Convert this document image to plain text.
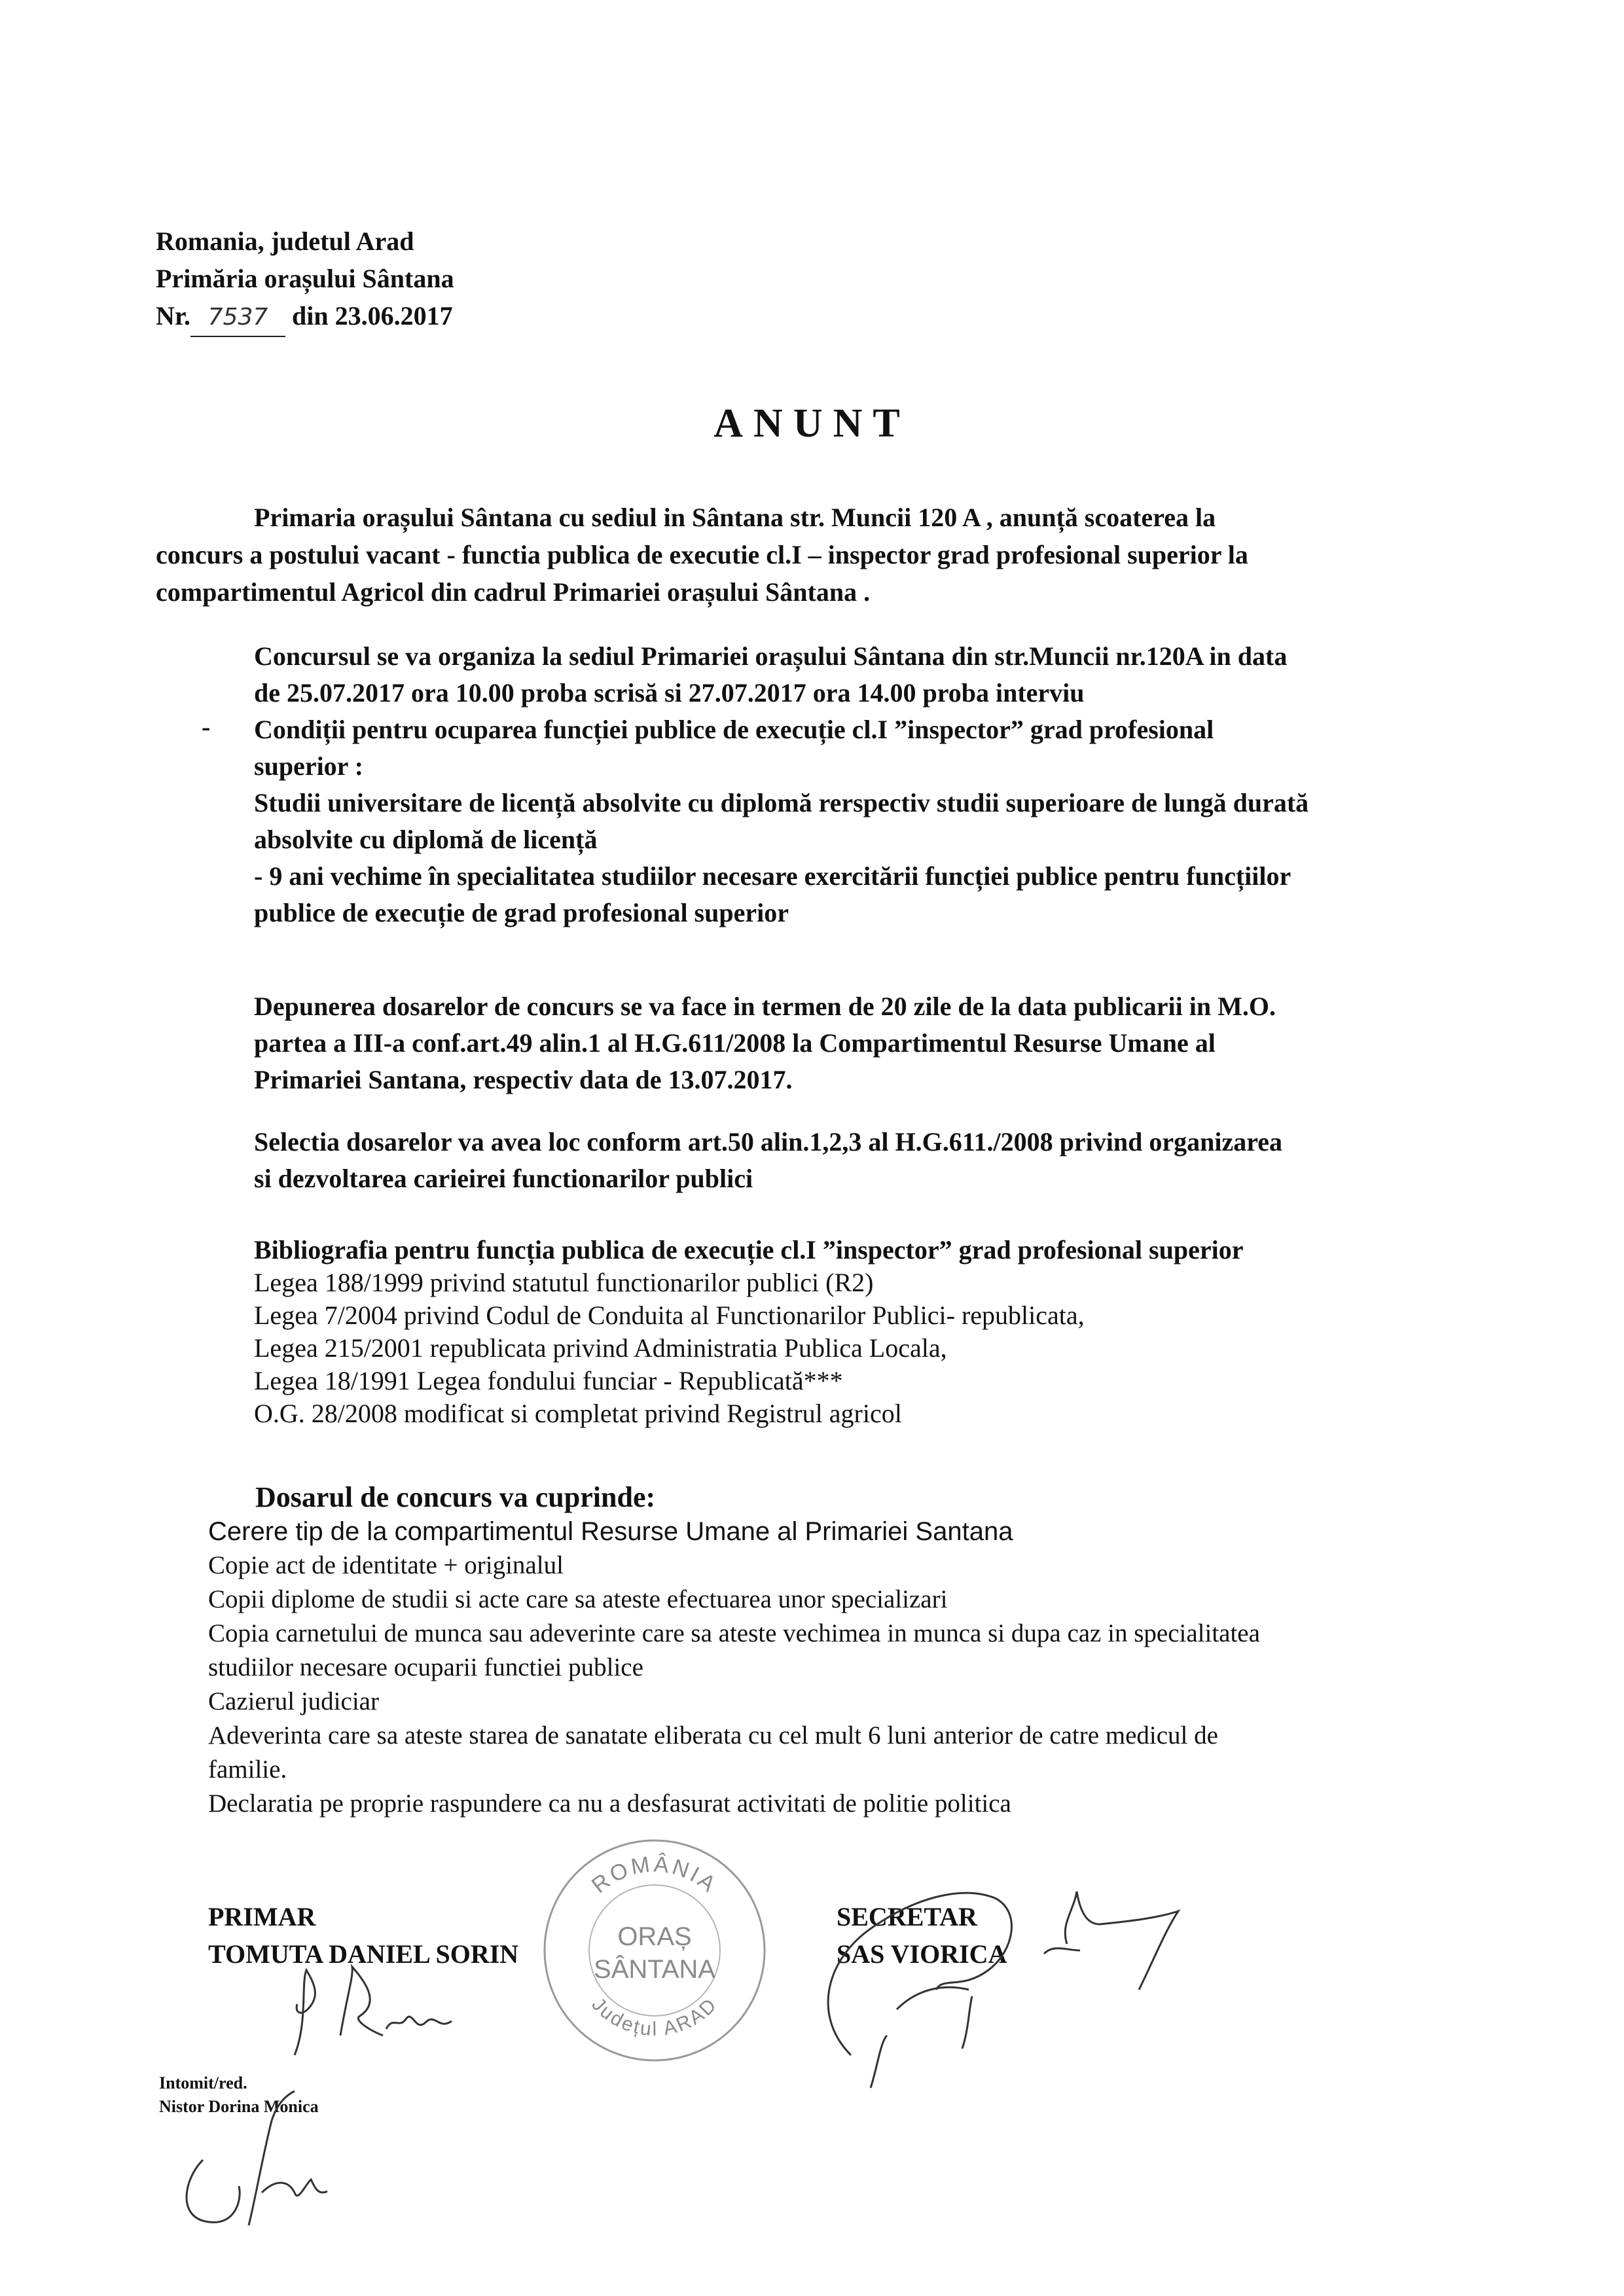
Romania, judetul Arad
Primăria orașului Sântana
Nr. 7537 din 23.06.2017
ANUNT
Primaria orașului Sântana cu sediul in Sântana str. Muncii 120 A , anunță scoaterea la
concurs a postului vacant - functia publica de executie cl.I – inspector grad profesional superior la
compartimentul Agricol din cadrul Primariei orașului Sântana .
Concursul se va organiza la sediul Primariei orașului Sântana din str.Muncii nr.120A in data
de 25.07.2017 ora 10.00 proba scrisă si 27.07.2017 ora 14.00 proba interviu
- Condiții pentru ocuparea funcției publice de execuție cl.I ”inspector” grad profesional
superior :
Studii universitare de licență absolvite cu diplomă rerspectiv studii superioare de lungă durată
absolvite cu diplomă de licență
- 9 ani vechime în specialitatea studiilor necesare exercitării funcției publice pentru funcțiilor
publice de execuție de grad profesional superior
Depunerea dosarelor de concurs se va face in termen de 20 zile de la data publicarii in M.O.
partea a III-a conf.art.49 alin.1 al H.G.611/2008 la Compartimentul Resurse Umane al
Primariei Santana, respectiv data de 13.07.2017.
Selectia dosarelor va avea loc conform art.50 alin.1,2,3 al H.G.611./2008 privind organizarea
si dezvoltarea carieirei functionarilor publici
Bibliografia pentru funcția publica de execuție cl.I ”inspector” grad profesional superior
Legea 188/1999 privind statutul functionarilor publici (R2)
Legea 7/2004 privind Codul de Conduita al Functionarilor Publici- republicata,
Legea 215/2001 republicata privind Administratia Publica Locala,
Legea 18/1991 Legea fondului funciar - Republicată***
O.G. 28/2008 modificat si completat privind Registrul agricol
Dosarul de concurs va cuprinde:
Cerere tip de la compartimentul Resurse Umane al Primariei Santana
Copie act de identitate + originalul
Copii diplome de studii si acte care sa ateste efectuarea unor specializari
Copia carnetului de munca sau adeverinte care sa ateste vechimea in munca si dupa caz in specialitatea
studiilor necesare ocuparii functiei publice
Cazierul judiciar
Adeverinta care sa ateste starea de sanatate eliberata cu cel mult 6 luni anterior de catre medicul de
familie.
Declaratia pe proprie raspundere ca nu a desfasurat activitati de politie politica
PRIMAR
TOMUTA DANIEL SORIN
SECRETAR
SAS VIORICA
Intomit/red.
Nistor Dorina Monica
ROMÂNIA
ORAȘ
SÂNTANA
Județul ARAD
